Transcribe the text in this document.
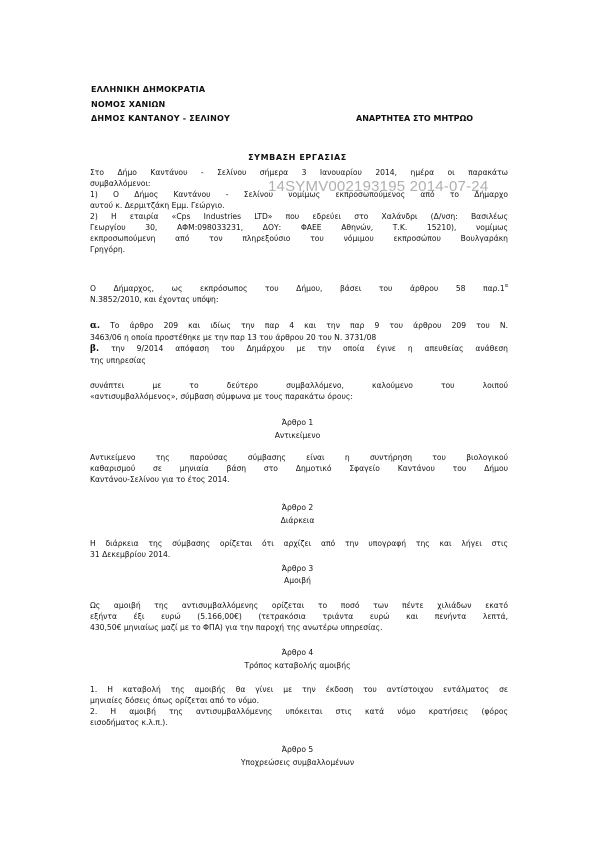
ΕΛΛΗΝΙΚΗ ΔΗΜΟΚΡΑΤΙΑ
ΝΟΜΟΣ ΧΑΝΙΩΝ
ΔΗΜΟΣ ΚΑΝΤΑΝΟΥ - ΣΕΛΙΝΟΥ	ΑΝΑΡΤΗΤΕΑ ΣΤΟ ΜΗΤΡΩΟ
ΣΥΜΒΑΣΗ ΕΡΓΑΣΙΑΣ
Στο Δήμο Καντάνου - Σελίνου σήμερα 3 Ιανουαρίου 2014, ημέρα οι παρακάτω
συμβαλλόμενοι:
1) Ο Δήμος Καντάνου - Σελίνου νομίμως εκπροσωπούμενος από το Δήμαρχο
αυτού κ. Δερμιτζάκη Εμμ. Γεώργιο.
2) Η εταιρία «Cps Industries LTD» που εδρεύει στο Χαλάνδρι (Δ/νση: Βασιλέως
Γεωργίου 30, ΑΦΜ:098033231, ΔΟΥ: ΦΑΕΕ Αθηνών, Τ.Κ. 15210), νομίμως
εκπροσωπούμενη από τον πληρεξούσιο του νόμιμου εκπροσώπου Βουλγαράκη
Γρηγόρη.
14SYMV002193195 2014-07-24
Ο Δήμαρχος, ως εκπρόσωπος του Δήμου, βάσει του άρθρου 58 $\pi\alpha\rho.1^\alpha$
Ν.3852/2010, και έχοντας υπόψη:
α. Το άρθρο 209 και ιδίως την παρ 4 και την παρ 9 του άρθρου 209 του Ν.
3463/06 η οποία προστέθηκε με την παρ 13 του άρθρου 20 του Ν. 3731/08
β. την 9/2014 απόφαση του Δημάρχου με την οποία έγινε η απευθείας ανάθεση
της υπηρεσίας
συνάπτει με το δεύτερο συμβαλλόμενο, καλούμενο του λοιπού
«αντισυμβαλλόμενος», σύμβαση σύμφωνα με τους παρακάτω όρους:
Άρθρο 1
Αντικείμενο
Αντικείμενο της παρούσας σύμβασης είναι η συντήρηση του βιολογικού
καθαρισμού σε μηνιαία βάση στο Δημοτικό Σφαγείο Καντάνου του Δήμου
Καντάνου-Σελίνου για το έτος 2014.
Άρθρο 2
Διάρκεια
Η διάρκεια της σύμβασης ορίζεται ότι αρχίζει από την υπογραφή της και λήγει στις
31 Δεκεμβρίου 2014.
Άρθρο 3
Αμοιβή
Ως αμοιβή της αντισυμβαλλόμενης ορίζεται το ποσό των πέντε χιλιάδων εκατό
εξήντα έξι ευρώ (5.166,00€) (τετρακόσια τριάντα ευρώ και πενήντα λεπτά,
430,50€ μηνιαίως μαζί με το ΦΠΑ) για την παροχή της ανωτέρω υπηρεσίας.
Άρθρο 4
Τρόπος καταβολής αμοιβής
1. Η καταβολή της αμοιβής θα γίνει με την έκδοση του αντίστοιχου εντάλματος σε
μηνιαίες δόσεις όπως ορίζεται από το νόμο.
2. Η αμοιβή της αντισυμβαλλόμενης υπόκειται στις κατά νόμο κρατήσεις (φόρος
εισοδήματος κ.λ.π.).
Άρθρο 5
Υποχρεώσεις συμβαλλομένων
